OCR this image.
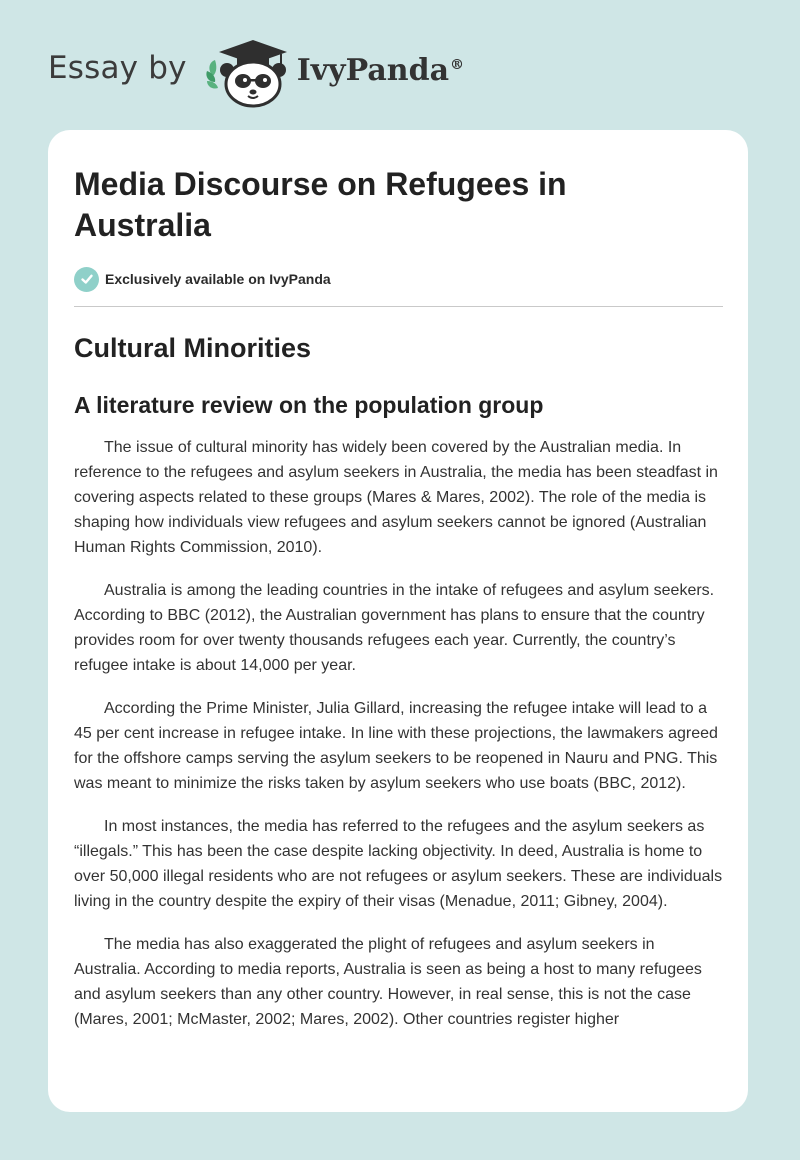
Essay by	IvyPanda®
Media Discourse on Refugees in Australia
Exclusively available on IvyPanda
Cultural Minorities
A literature review on the population group

The issue of cultural minority has widely been covered by the Australian media. In reference to the refugees and asylum seekers in Australia, the media has been steadfast in covering aspects related to these groups (Mares & Mares, 2002). The role of the media is shaping how individuals view refugees and asylum seekers cannot be ignored (Australian Human Rights Commission, 2010).

Australia is among the leading countries in the intake of refugees and asylum seekers. According to BBC (2012), the Australian government has plans to ensure that the country provides room for over twenty thousands refugees each year. Currently, the country’s refugee intake is about 14,000 per year.

According the Prime Minister, Julia Gillard, increasing the refugee intake will lead to a 45 per cent increase in refugee intake. In line with these projections, the lawmakers agreed for the offshore camps serving the asylum seekers to be reopened in Nauru and PNG. This was meant to minimize the risks taken by asylum seekers who use boats (BBC, 2012).

In most instances, the media has referred to the refugees and the asylum seekers as “illegals.” This has been the case despite lacking objectivity. In deed, Australia is home to over 50,000 illegal residents who are not refugees or asylum seekers. These are individuals living in the country despite the expiry of their visas (Menadue, 2011; Gibney, 2004).

The media has also exaggerated the plight of refugees and asylum seekers in Australia. According to media reports, Australia is seen as being a host to many refugees and asylum seekers than any other country. However, in real sense, this is not the case (Mares, 2001; McMaster, 2002; Mares, 2002). Other countries register higher
